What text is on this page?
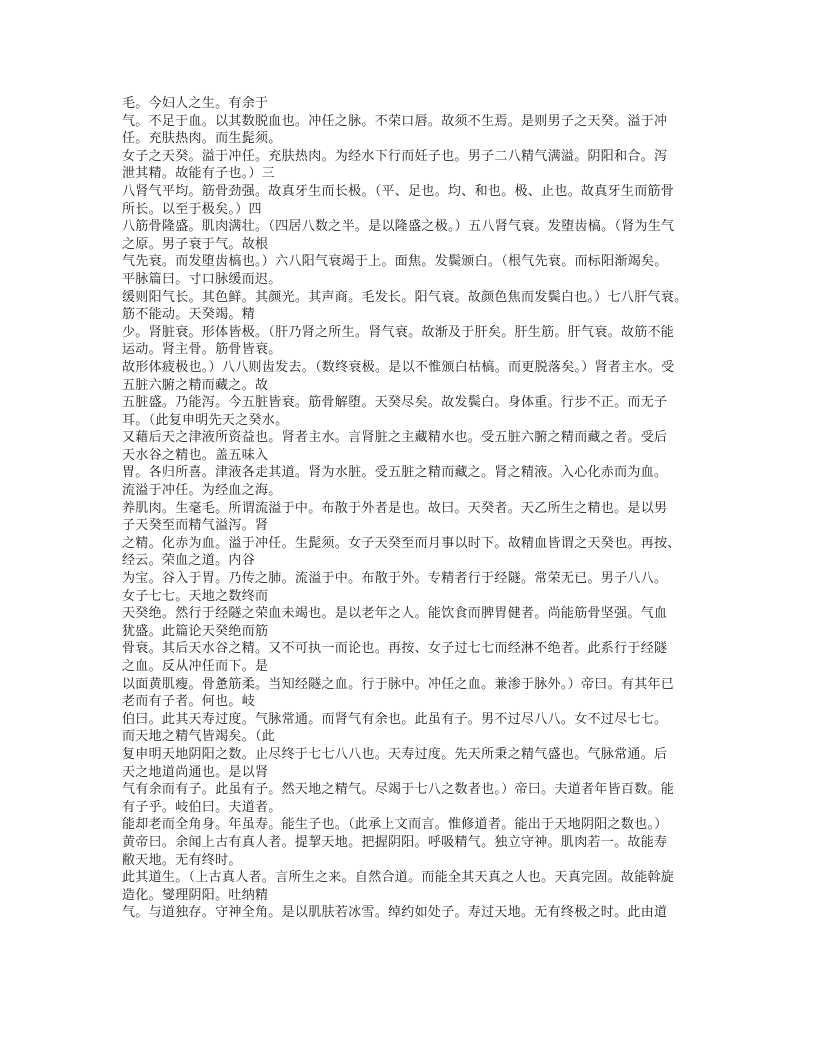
毛。今妇人之生。有余于
气。不足于血。以其数脱血也。冲任之脉。不荣口唇。故须不生焉。是则男子之天癸。溢于冲
任。充肤热肉。而生髭须。
女子之天癸。溢于冲任。充肤热肉。为经水下行而妊子也。男子二八精气满溢。阴阳和合。泻
泄其精。故能有子也。）三
八肾气平均。筋骨劲强。故真牙生而长极。（平、足也。均、和也。极、止也。故真牙生而筋骨
所长。以至于极矣。）四
八筋骨隆盛。肌肉满壮。（四居八数之半。是以隆盛之极。）五八肾气衰。发堕齿槁。（肾为生气
之原。男子衰于气。故根
气先衰。而发堕齿槁也。）六八阳气衰竭于上。面焦。发鬓颁白。（根气先衰。而标阳渐竭矣。
平脉篇曰。寸口脉缓而迟。
缓则阳气长。其色鲜。其颜光。其声商。毛发长。阳气衰。故颜色焦而发鬓白也。）七八肝气衰。
筋不能动。天癸竭。精
少。肾脏衰。形体皆极。（肝乃肾之所生。肾气衰。故渐及于肝矣。肝生筋。肝气衰。故筋不能
运动。肾主骨。筋骨皆衰。
故形体疲极也。）八八则齿发去。（数终衰极。是以不惟颁白枯槁。而更脱落矣。）肾者主水。受
五脏六腑之精而藏之。故
五脏盛。乃能泻。今五脏皆衰。筋骨解堕。天癸尽矣。故发鬓白。身体重。行步不正。而无子
耳。（此复申明先天之癸水。
又藉后天之津液所资益也。肾者主水。言肾脏之主藏精水也。受五脏六腑之精而藏之者。受后
天水谷之精也。盖五味入
胃。各归所喜。津液各走其道。肾为水脏。受五脏之精而藏之。肾之精液。入心化赤而为血。
流溢于冲任。为经血之海。
养肌肉。生毫毛。所谓流溢于中。布散于外者是也。故曰。天癸者。天乙所生之精也。是以男
子天癸至而精气溢泻。肾
之精。化赤为血。溢于冲任。生髭须。女子天癸至而月事以时下。故精血皆谓之天癸也。再按、
经云。荣血之道。内谷
为宝。谷入于胃。乃传之肺。流溢于中。布散于外。专精者行于经隧。常荣无已。男子八八。
女子七七。天地之数终而
天癸绝。然行于经隧之荣血未竭也。是以老年之人。能饮食而脾胃健者。尚能筋骨坚强。气血
犹盛。此篇论天癸绝而筋
骨衰。其后天水谷之精。又不可执一而论也。再按、女子过七七而经淋不绝者。此系行于经隧
之血。反从冲任而下。是
以面黄肌瘦。骨惫筋柔。当知经隧之血。行于脉中。冲任之血。兼渗于脉外。）帝曰。有其年已
老而有子者。何也。岐
伯曰。此其天寿过度。气脉常通。而肾气有余也。此虽有子。男不过尽八八。女不过尽七七。
而天地之精气皆竭矣。（此
复申明天地阴阳之数。止尽终于七七八八也。天寿过度。先天所秉之精气盛也。气脉常通。后
天之地道尚通也。是以肾
气有余而有子。此虽有子。然天地之精气。尽竭于七八之数者也。）帝曰。夫道者年皆百数。能
有子乎。岐伯曰。夫道者。
能却老而全角身。年虽寿。能生子也。（此承上文而言。惟修道者。能出于天地阴阳之数也。）
黄帝曰。余闻上古有真人者。提挈天地。把握阴阳。呼吸精气。独立守神。肌肉若一。故能寿
敝天地。无有终时。
此其道生。（上古真人者。言所生之来。自然合道。而能全其天真之人也。天真完固。故能斡旋
造化。燮理阴阳。吐纳精
气。与道独存。守神全角。是以肌肤若冰雪。绰约如处子。寿过天地。无有终极之时。此由道
